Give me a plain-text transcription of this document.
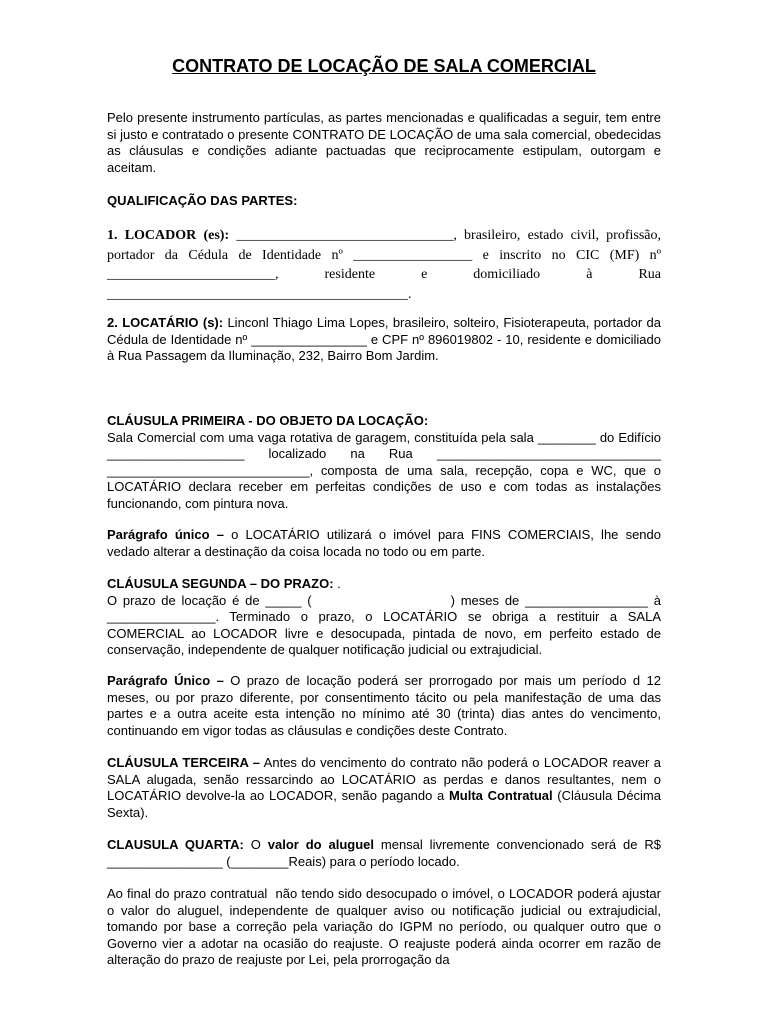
CONTRATO DE LOCAÇÃO DE SALA COMERCIAL
Pelo presente instrumento partículas, as partes mencionadas e qualificadas a seguir, tem entre si justo e contratado o presente CONTRATO DE LOCAÇÃO de uma sala comercial, obedecidas as cláusulas e condições adiante pactuadas que reciprocamente estipulam, outorgam e aceitam.
QUALIFICAÇÃO DAS PARTES:
1. LOCADOR (es): _______________________________, brasileiro, estado civil, profissão,
portador da Cédula de Identidade nº _________________ e inscrito no CIC (MF) nº
________________________, residente e domiciliado à Rua
___________________________________________.
2. LOCATÁRIO (s): Linconl Thiago Lima Lopes, brasileiro, solteiro, Fisioterapeuta, portador da Cédula de Identidade nº ________________ e CPF nº 896019802 - 10, residente e domiciliado à Rua Passagem da Iluminação, 232, Bairro Bom Jardim.
CLÁUSULA PRIMEIRA - DO OBJETO DA LOCAÇÃO:
Sala Comercial com uma vaga rotativa de garagem, constituída pela sala ________ do Edifício ___________________ localizado na Rua _______________________________ ____________________________, composta de uma sala, recepção, copa e WC, que o LOCATÁRIO declara receber em perfeitas condições de uso e com todas as instalações funcionando, com pintura nova.
Parágrafo único – o LOCATÁRIO utilizará o imóvel para FINS COMERCIAIS, lhe sendo vedado alterar a destinação da coisa locada no todo ou em parte.
CLÁUSULA SEGUNDA – DO PRAZO: .
O prazo de locação é de _____ (                        ) meses de _________________ à _______________. Terminado o prazo, o LOCATÁRIO se obriga a restituir a SALA COMERCIAL ao LOCADOR livre e desocupada, pintada de novo, em perfeito estado de conservação, independente de qualquer notificação judicial ou extrajudicial.
Parágrafo Único – O prazo de locação poderá ser prorrogado por mais um período d 12 meses, ou por prazo diferente, por consentimento tácito ou pela manifestação de uma das partes e a outra aceite esta intenção no mínimo até 30 (trinta) dias antes do vencimento, continuando em vigor todas as cláusulas e condições deste Contrato.
CLÁUSULA TERCEIRA – Antes do vencimento do contrato não poderá o LOCADOR reaver a SALA alugada, senão ressarcindo ao LOCATÁRIO as perdas e danos resultantes, nem o LOCATÁRIO devolve-la ao LOCADOR, senão pagando a Multa Contratual (Cláusula Décima Sexta).
CLAUSULA QUARTA: O valor do aluguel mensal livremente convencionado será de R$ ________________ (________Reais) para o período locado.
Ao final do prazo contratual  não tendo sido desocupado o imóvel, o LOCADOR poderá ajustar o valor do aluguel, independente de qualquer aviso ou notificação judicial ou extrajudicial, tomando por base a correção pela variação do IGPM no período, ou qualquer outro que o Governo vier a adotar na ocasião do reajuste. O reajuste poderá ainda ocorrer em razão de alteração do prazo de reajuste por Lei, pela prorrogação da
